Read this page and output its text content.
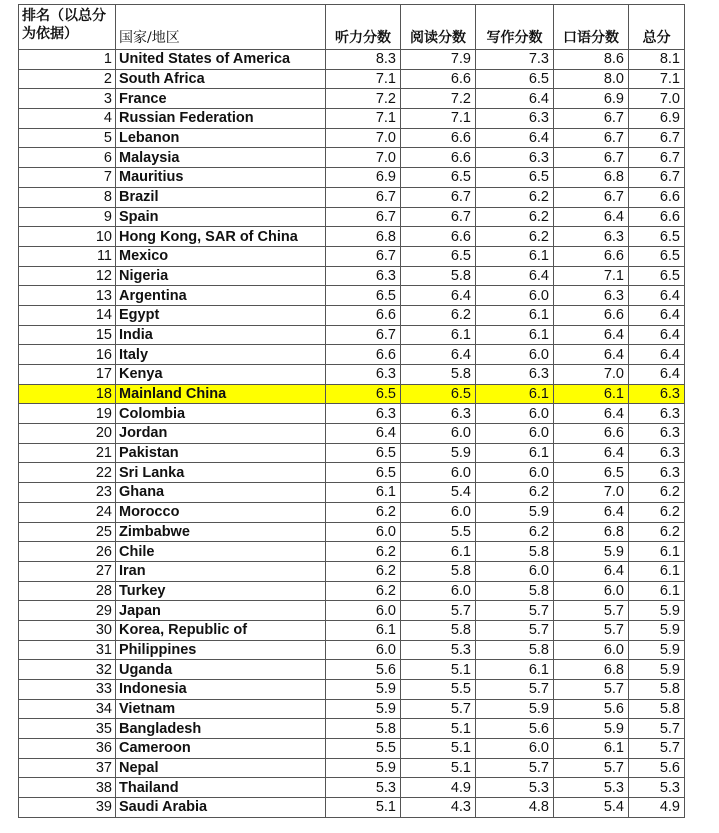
排名（以总分为依据）	国家/地区	听力分数	阅读分数	写作分数	口语分数	总分
1	United States of America	8.3	7.9	7.3	8.6	8.1
2	South Africa	7.1	6.6	6.5	8.0	7.1
3	France	7.2	7.2	6.4	6.9	7.0
4	Russian Federation	7.1	7.1	6.3	6.7	6.9
5	Lebanon	7.0	6.6	6.4	6.7	6.7
6	Malaysia	7.0	6.6	6.3	6.7	6.7
7	Mauritius	6.9	6.5	6.5	6.8	6.7
8	Brazil	6.7	6.7	6.2	6.7	6.6
9	Spain	6.7	6.7	6.2	6.4	6.6
10	Hong Kong, SAR of China	6.8	6.6	6.2	6.3	6.5
11	Mexico	6.7	6.5	6.1	6.6	6.5
12	Nigeria	6.3	5.8	6.4	7.1	6.5
13	Argentina	6.5	6.4	6.0	6.3	6.4
14	Egypt	6.6	6.2	6.1	6.6	6.4
15	India	6.7	6.1	6.1	6.4	6.4
16	Italy	6.6	6.4	6.0	6.4	6.4
17	Kenya	6.3	5.8	6.3	7.0	6.4
18	Mainland China	6.5	6.5	6.1	6.1	6.3
19	Colombia	6.3	6.3	6.0	6.4	6.3
20	Jordan	6.4	6.0	6.0	6.6	6.3
21	Pakistan	6.5	5.9	6.1	6.4	6.3
22	Sri Lanka	6.5	6.0	6.0	6.5	6.3
23	Ghana	6.1	5.4	6.2	7.0	6.2
24	Morocco	6.2	6.0	5.9	6.4	6.2
25	Zimbabwe	6.0	5.5	6.2	6.8	6.2
26	Chile	6.2	6.1	5.8	5.9	6.1
27	Iran	6.2	5.8	6.0	6.4	6.1
28	Turkey	6.2	6.0	5.8	6.0	6.1
29	Japan	6.0	5.7	5.7	5.7	5.9
30	Korea, Republic of	6.1	5.8	5.7	5.7	5.9
31	Philippines	6.0	5.3	5.8	6.0	5.9
32	Uganda	5.6	5.1	6.1	6.8	5.9
33	Indonesia	5.9	5.5	5.7	5.7	5.8
34	Vietnam	5.9	5.7	5.9	5.6	5.8
35	Bangladesh	5.8	5.1	5.6	5.9	5.7
36	Cameroon	5.5	5.1	6.0	6.1	5.7
37	Nepal	5.9	5.1	5.7	5.7	5.6
38	Thailand	5.3	4.9	5.3	5.3	5.3
39	Saudi Arabia	5.1	4.3	4.8	5.4	4.9
